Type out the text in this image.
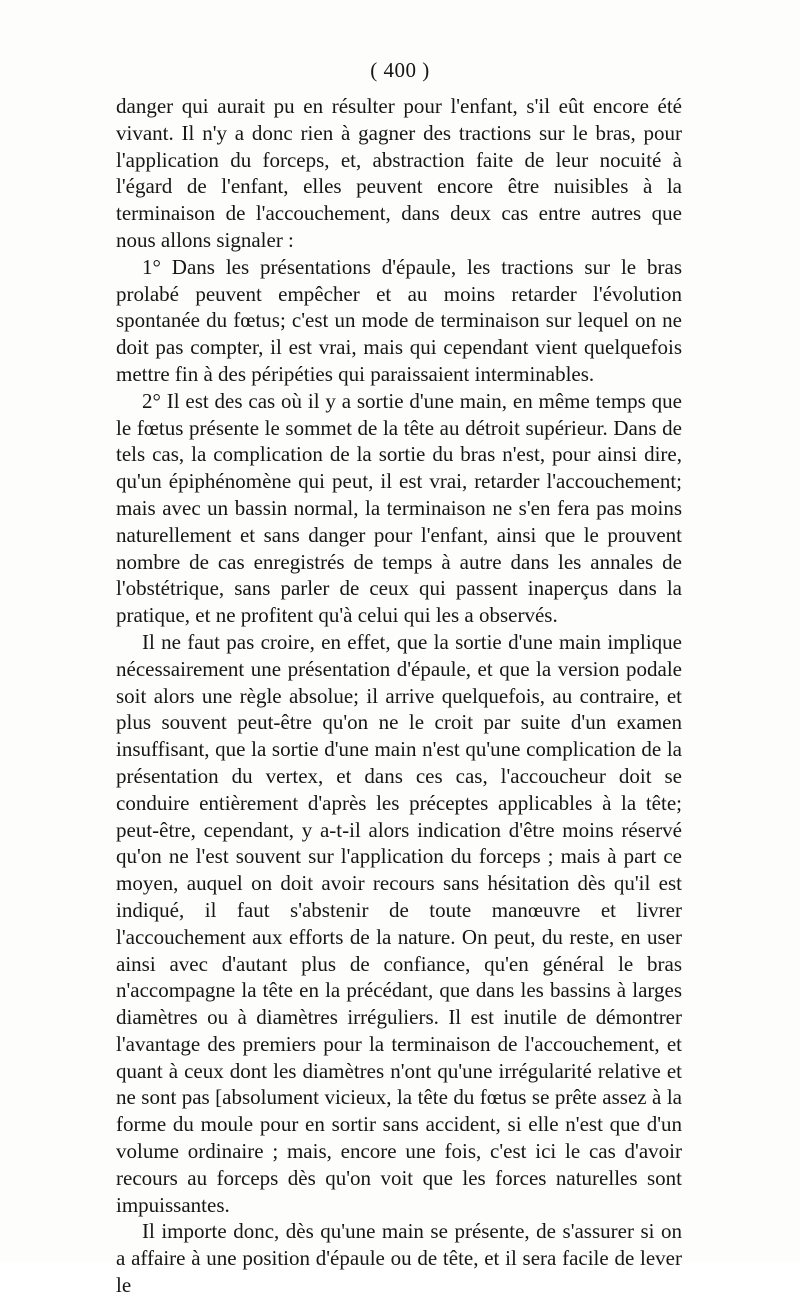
( 400 )

danger qui aurait pu en résulter pour l'enfant, s'il eût encore été vivant. Il n'y a donc rien à gagner des tractions sur le bras, pour l'application du forceps, et, abstraction faite de leur nocuité à l'égard de l'enfant, elles peuvent encore être nuisibles à la terminaison de l'accouchement, dans deux cas entre autres que nous allons signaler :

1° Dans les présentations d'épaule, les tractions sur le bras prolabé peuvent empêcher et au moins retarder l'évolution spontanée du fœtus; c'est un mode de terminaison sur lequel on ne doit pas compter, il est vrai, mais qui cependant vient quelquefois mettre fin à des péripéties qui paraissaient interminables.

2° Il est des cas où il y a sortie d'une main, en même temps que le fœtus présente le sommet de la tête au détroit supérieur. Dans de tels cas, la complication de la sortie du bras n'est, pour ainsi dire, qu'un épiphénomène qui peut, il est vrai, retarder l'accouchement; mais avec un bassin normal, la terminaison ne s'en fera pas moins naturellement et sans danger pour l'enfant, ainsi que le prouvent nombre de cas enregistrés de temps à autre dans les annales de l'obstétrique, sans parler de ceux qui passent inaperçus dans la pratique, et ne profitent qu'à celui qui les a observés.

Il ne faut pas croire, en effet, que la sortie d'une main implique nécessairement une présentation d'épaule, et que la version podale soit alors une règle absolue; il arrive quelquefois, au contraire, et plus souvent peut-être qu'on ne le croit par suite d'un examen insuffisant, que la sortie d'une main n'est qu'une complication de la présentation du vertex, et dans ces cas, l'accoucheur doit se conduire entièrement d'après les préceptes applicables à la tête; peut-être, cependant, y a-t-il alors indication d'être moins réservé qu'on ne l'est souvent sur l'application du forceps ; mais à part ce moyen, auquel on doit avoir recours sans hésitation dès qu'il est indiqué, il faut s'abstenir de toute manœuvre et livrer l'accouchement aux efforts de la nature. On peut, du reste, en user ainsi avec d'autant plus de confiance, qu'en général le bras n'accompagne la tête en la précédant, que dans les bassins à larges diamètres ou à diamètres irréguliers. Il est inutile de démontrer l'avantage des premiers pour la terminaison de l'accouchement, et quant à ceux dont les diamètres n'ont qu'une irrégularité relative et ne sont pas [absolument vicieux, la tête du fœtus se prête assez à la forme du moule pour en sortir sans accident, si elle n'est que d'un volume ordinaire ; mais, encore une fois, c'est ici le cas d'avoir recours au forceps dès qu'on voit que les forces naturelles sont impuissantes.

Il importe donc, dès qu'une main se présente, de s'assurer si on a affaire à une position d'épaule ou de tête, et il sera facile de lever le
